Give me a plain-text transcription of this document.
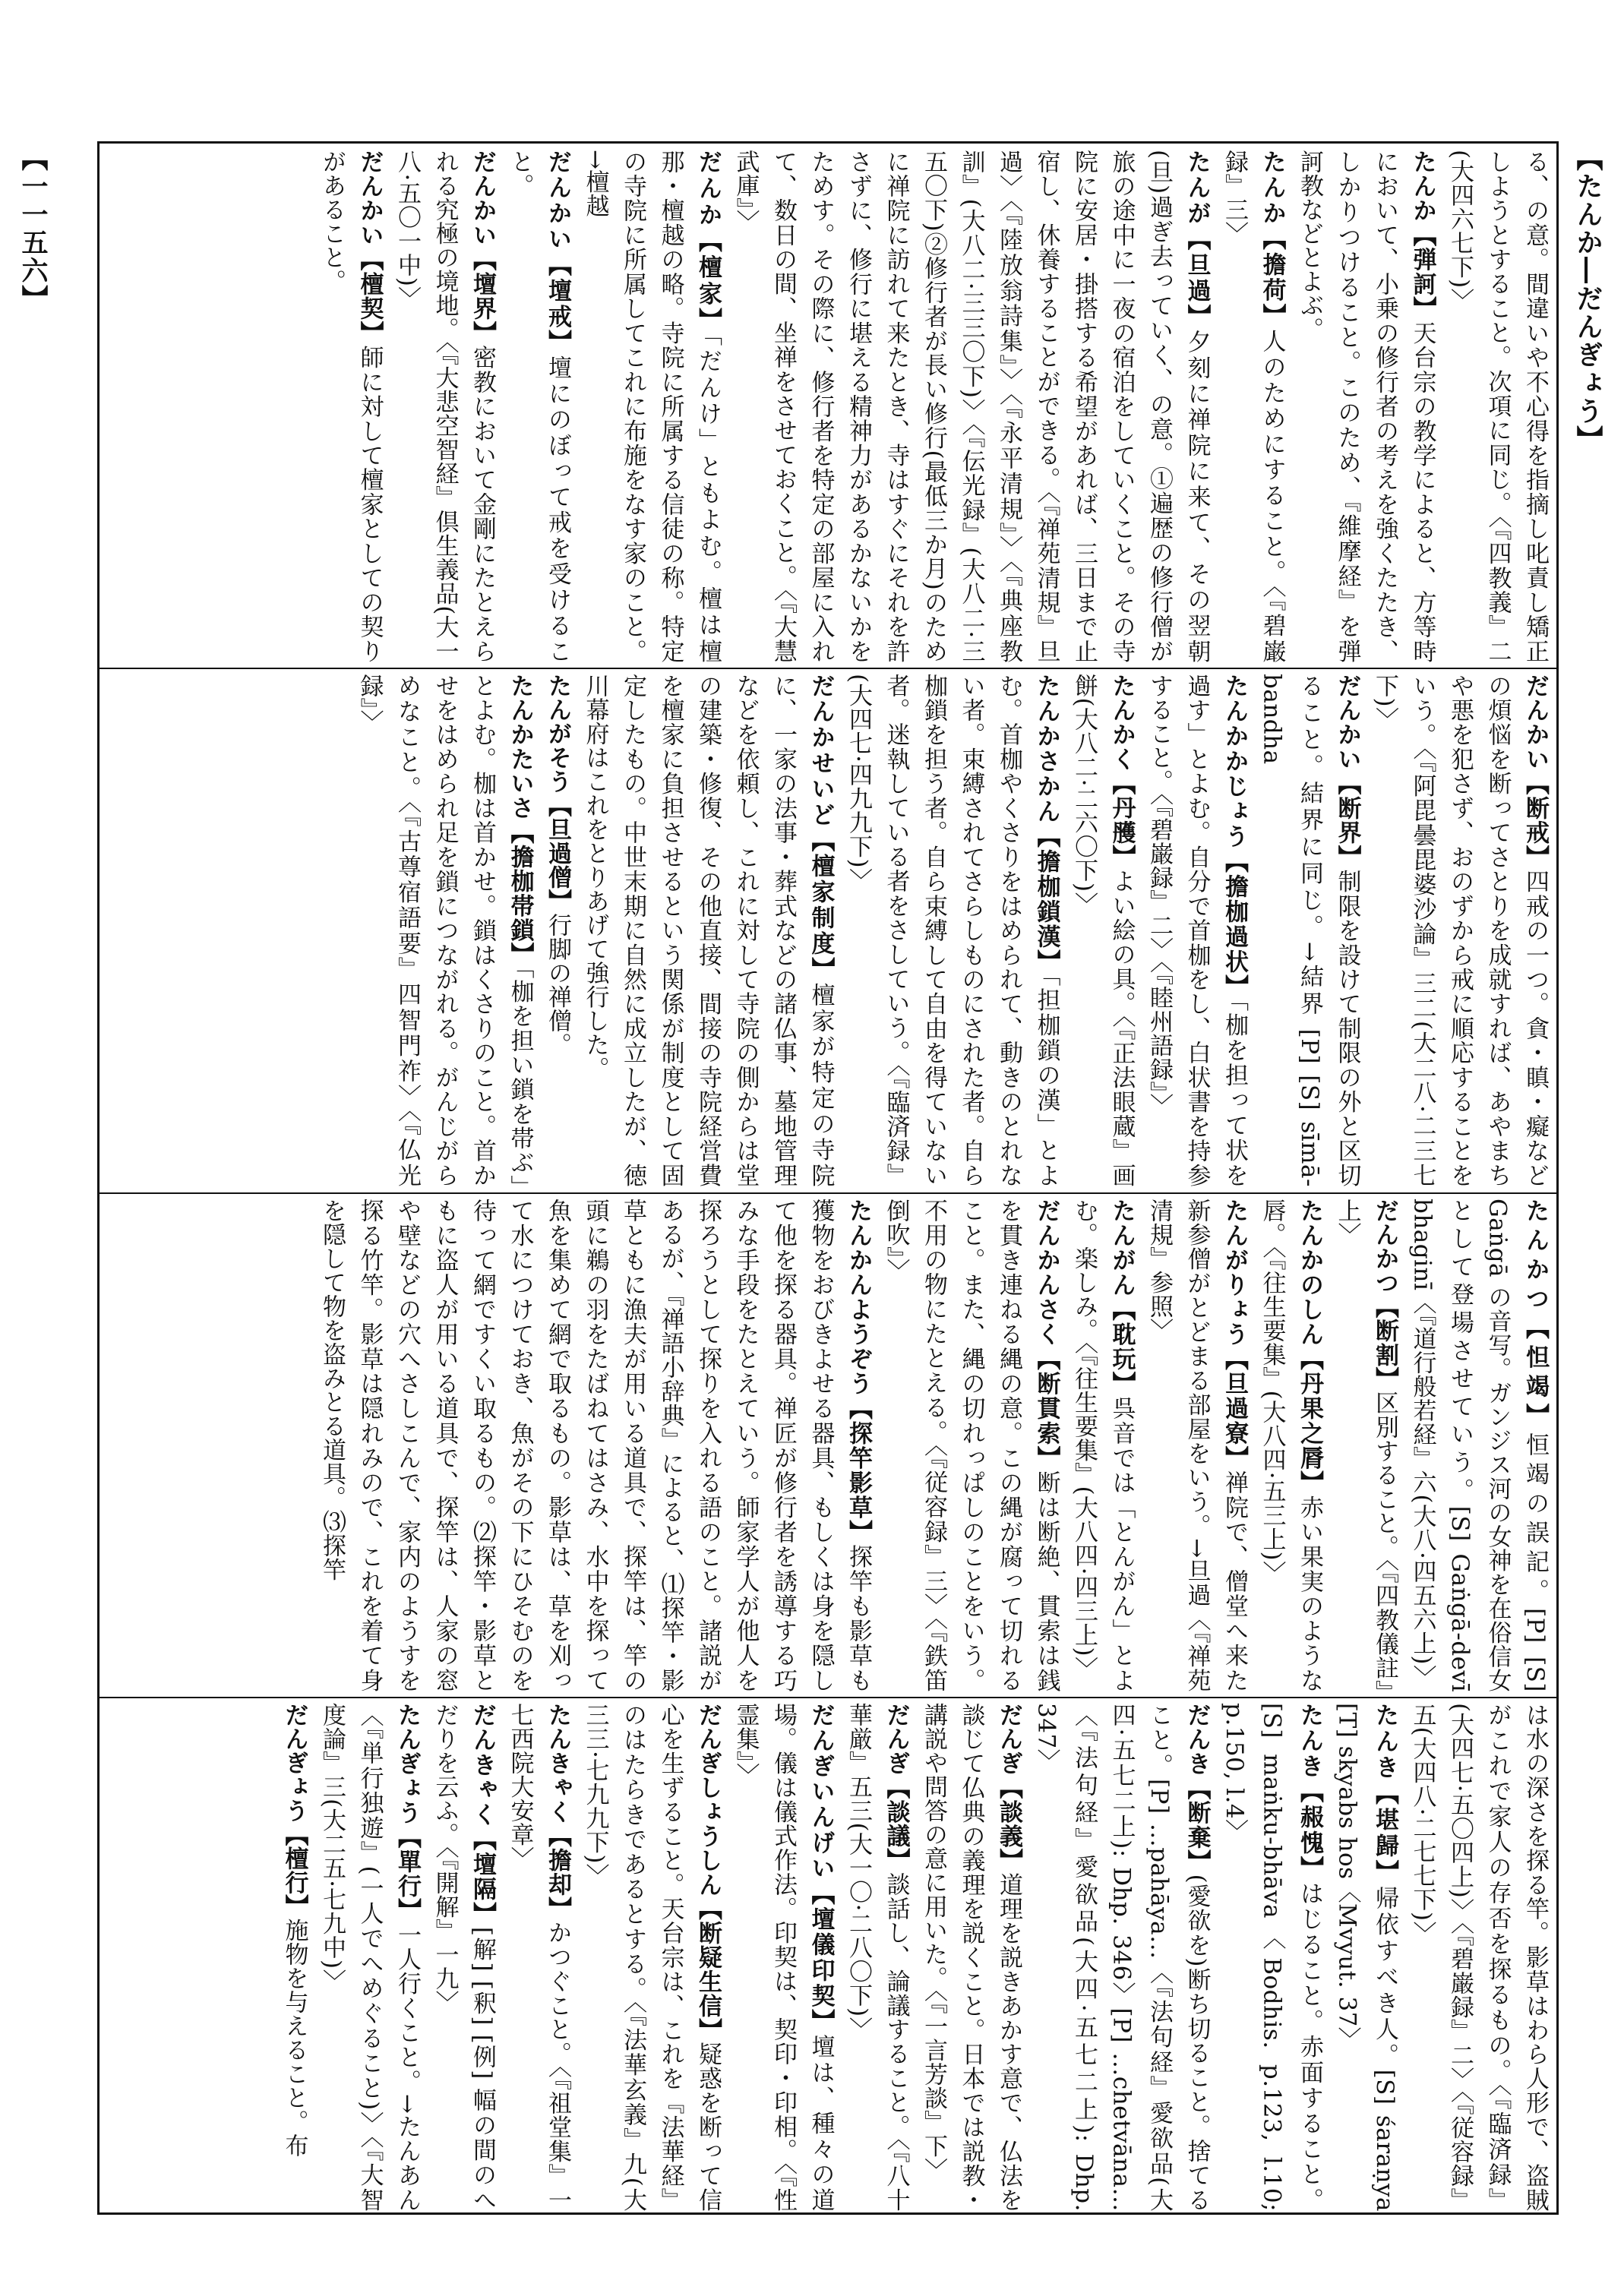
【たんか―だんぎょう】
【一一五六】	る、の意。間違いや不心得を指摘し叱責し矯正しようとすること。次項に同じ。〈『四教義』二(大四六七下)〉

たんか【弾訶】天台宗の教学によると、方等時において、小乗の修行者の考えを強くたたき、しかりつけること。このため、『維摩経』を弾訶教などとよぶ。

たんか【擔荷】人のためにすること。〈『碧巌録』三〉

たんが【旦過】夕刻に禅院に来て、その翌朝(旦)過ぎ去っていく、の意。①遍歴の修行僧が旅の途中に一夜の宿泊をしていくこと。その寺院に安居・掛搭する希望があれば、三日まで止宿し、休養することができる。〈『禅苑清規』旦過〉〈『陸放翁詩集』〉〈『永平清規』〉〈『典座教訓』(大八二·三三〇下)〉〈『伝光録』(大八二·三五〇下)②修行者が長い修行(最低三か月)のために禅院に訪れて来たとき、寺はすぐにそれを許さずに、修行に堪える精神力があるかないかをためす。その際に、修行者を特定の部屋に入れて、数日の間、坐禅をさせておくこと。〈『大慧武庫』〉

だんか【檀家】「だんけ」ともよむ。檀は檀那・檀越の略。寺院に所属する信徒の称。特定の寺院に所属してこれに布施をなす家のこと。→檀越

だんかい【壇戒】壇にのぼって戒を受けること。

だんかい【壇界】密教において金剛にたとえられる究極の境地。〈『大悲空智経』倶生義品(大一八·五〇一中)〉

だんかい【檀契】師に対して檀家としての契りがあること。

だんかい【断戒】四戒の一つ。貪・瞋・癡などの煩悩を断ってさとりを成就すれば、あやまちや悪を犯さず、おのずから戒に順応することをいう。〈『阿毘曇毘婆沙論』三二(大二八·二三七下)〉

だんかい【断界】制限を設けて制限の外と区切ること。結界に同じ。→結界 [P] [S] sīmā-bandha

たんかかじょう【擔枷過状】「枷を担って状を過す」とよむ。自分で首枷をし、白状書を持参すること。〈『碧巌録』二〉〈『睦州語録』〉

たんかく【丹雘】よい絵の具。〈『正法眼蔵』画餅(大八二·二六〇下)〉

たんかさかん【擔枷鎖漢】「担枷鎖の漢」とよむ。首枷やくさりをはめられて、動きのとれない者。束縛されてさらしものにされた者。自ら枷鎖を担う者。自ら束縛して自由を得ていない者。迷執している者をさしていう。〈『臨済録』(大四七·四九九下)〉

だんかせいど【檀家制度】檀家が特定の寺院に、一家の法事・葬式などの諸仏事、墓地管理などを依頼し、これに対して寺院の側からは堂の建築・修復、その他直接、間接の寺院経営費を檀家に負担させるという関係が制度として固定したもの。中世末期に自然に成立したが、徳川幕府はこれをとりあげて強行した。

たんがそう【旦過僧】行脚の禅僧。

たんかたいさ【擔枷帯鎖】「枷を担い鎖を帯ぶ」とよむ。枷は首かせ。鎖はくさりのこと。首かせをはめられ足を鎖につながれる。がんじがらめなこと。〈『古尊宿語要』四智門祚〉〈『仏光録』〉

たんかつ【怛竭】恒竭の誤記。[P] [S] Gaṅgā の音写。ガンジス河の女神を在俗信女として登場させていう。[S] Gaṅgā-devī bhaginī〈『道行般若経』六(大八·四五六上)〉

だんかつ【断割】区別すること。〈『四教儀註』上〉

たんかのしん【丹果之脣】赤い果実のような唇。〈『往生要集』(大八四·五三上)〉

たんがりょう【旦過寮】禅院で、僧堂へ来た新参僧がとどまる部屋をいう。→旦過〈『禅苑清規』参照〉

たんがん【耽玩】呉音では「とんがん」とよむ。楽しみ。〈『往生要集』(大八四·四三上)〉

だんかんさく【断貫索】断は断絶、貫索は銭を貫き連ねる縄の意。この縄が腐って切れること。また、縄の切れっぱしのことをいう。不用の物にたとえる。〈『従容録』三〉〈『鉄笛倒吹』〉

たんかんようぞう【探竿影草】探竿も影草も獲物をおびきよせる器具、もしくは身を隠して他を探る器具。禅匠が修行者を誘導する巧みな手段をたとえていう。師家学人が他人を探ろうとして探りを入れる語のこと。諸説があるが、『禅語小辞典』によると、⑴探竿・影草ともに漁夫が用いる道具で、探竿は、竿の頭に鵜の羽をたばねてはさみ、水中を探って魚を集めて網で取るもの。影草は、草を刈って水につけておき、魚がその下にひそむのを待って網ですくい取るもの。⑵探竿・影草ともに盗人が用いる道具で、探竿は、人家の窓や壁などの穴へさしこんで、家内のようすを探る竹竿。影草は隠れみので、これを着て身を隠して物を盗みとる道具。⑶探竿

は水の深さを探る竿。影草はわら人形で、盗賊がこれで家人の存否を探るもの。〈『臨済録』(大四七·五〇四上)〉〈『碧巌録』二〉〈『従容録』五(大四八·二七七下)〉

たんき【堪歸】帰依すべき人。[S] śaraṇya [T] skyabs hos〈Mvyut. 37〉

たんき【赧愧】はじること。赤面すること。[S] maṅku-bhāva〈Bodhis. p.123, l.10; p.150, l.4〉

だんき【断棄】(愛欲を)断ち切ること。捨てること。[P] …pahāya…〈『法句経』愛欲品(大四·五七二上): Dhp. 346〉[P] …chetvāna…〈『法句経』愛欲品(大四·五七二上): Dhp. 347〉

だんぎ【談義】道理を説きあかす意で、仏法を談じて仏典の義理を説くこと。日本では説教・講説や問答の意に用いた。〈『一言芳談』下〉

だんぎ【談議】談話し、論議すること。〈『八十華厳』五三(大一〇·二八〇下)〉

だんぎいんげい【壇儀印契】壇は、種々の道場。儀は儀式作法。印契は、契印・印相。〈『性霊集』〉

だんぎしょうしん【断疑生信】疑惑を断って信心を生ずること。天台宗は、これを『法華経』のはたらきであるとする。〈『法華玄義』九(大三三·七九九下)〉

たんきゃく【擔却】かつぐこと。〈『祖堂集』一七西院大安章〉

だんきゃく【壇隔】[解] [釈] [例] 幅の間のへだりを云ふ。〈『開解』一九〉

たんぎょう【單行】一人行くこと。→たんあん〈『単行独遊』(一人でへめぐること)〉〈『大智度論』三(大二五·七九中)〉

だんぎょう【檀行】施物を与えること。布
